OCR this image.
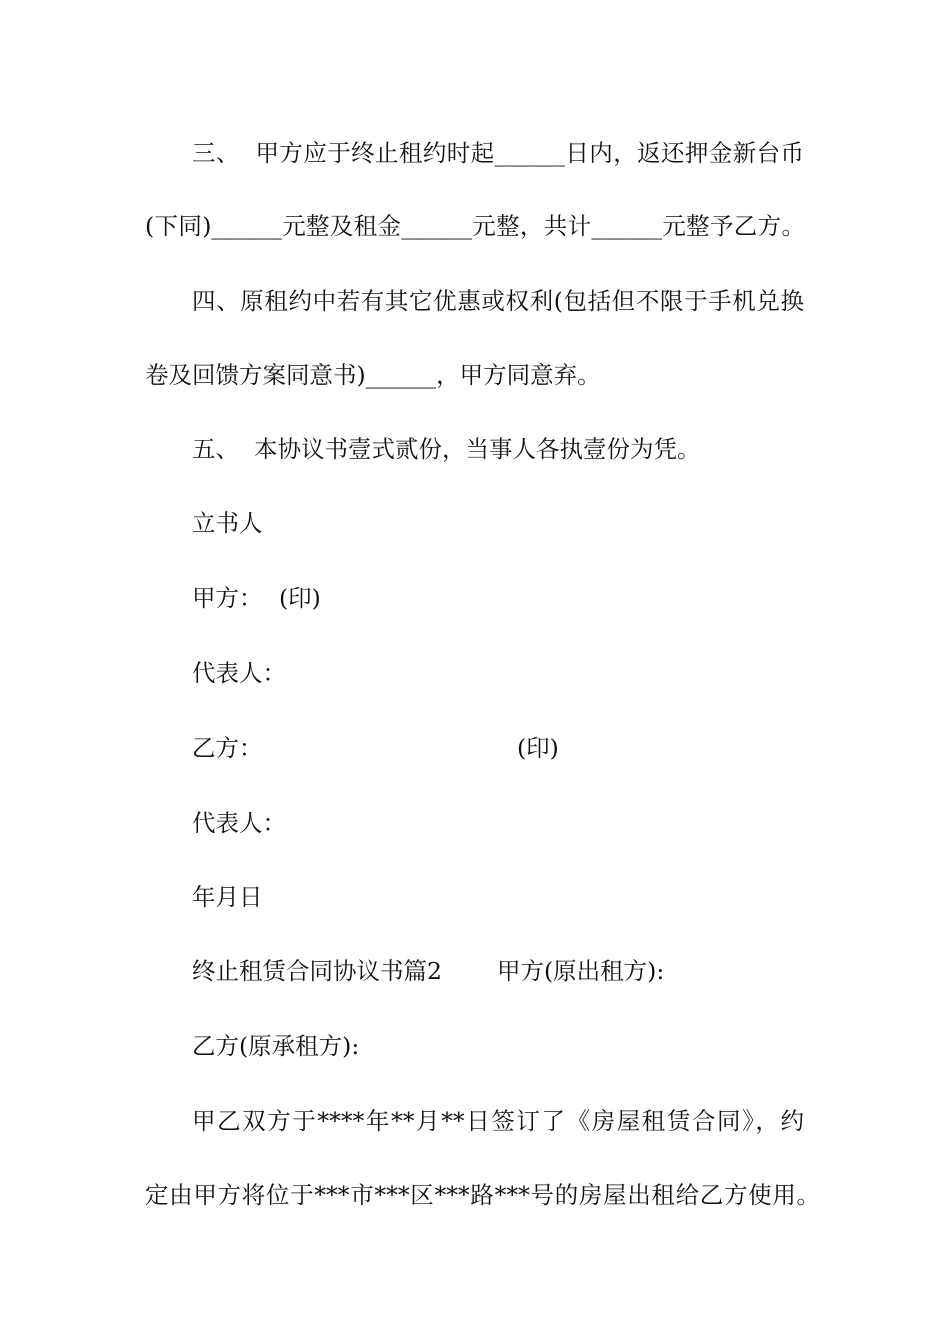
三、  甲方应于终止租约时起______日内，返还押金新台币
(下同)______元整及租金______元整，共计______元整予乙方。
四、原租约中若有其它优惠或权利(包括但不限于手机兑换
卷及回馈方案同意书)______，甲方同意弃。
五、  本协议书壹式贰份，当事人各执壹份为凭。
立书人
甲方： (印)
代表人：
乙方：	(印)
代表人：
年月日
终止租赁合同协议书篇2 甲方(原出租方):
乙方(原承租方):
甲乙双方于****年**月**日签订了《房屋租赁合同》，约
定由甲方将位于***市***区***路***号的房屋出租给乙方使用。
